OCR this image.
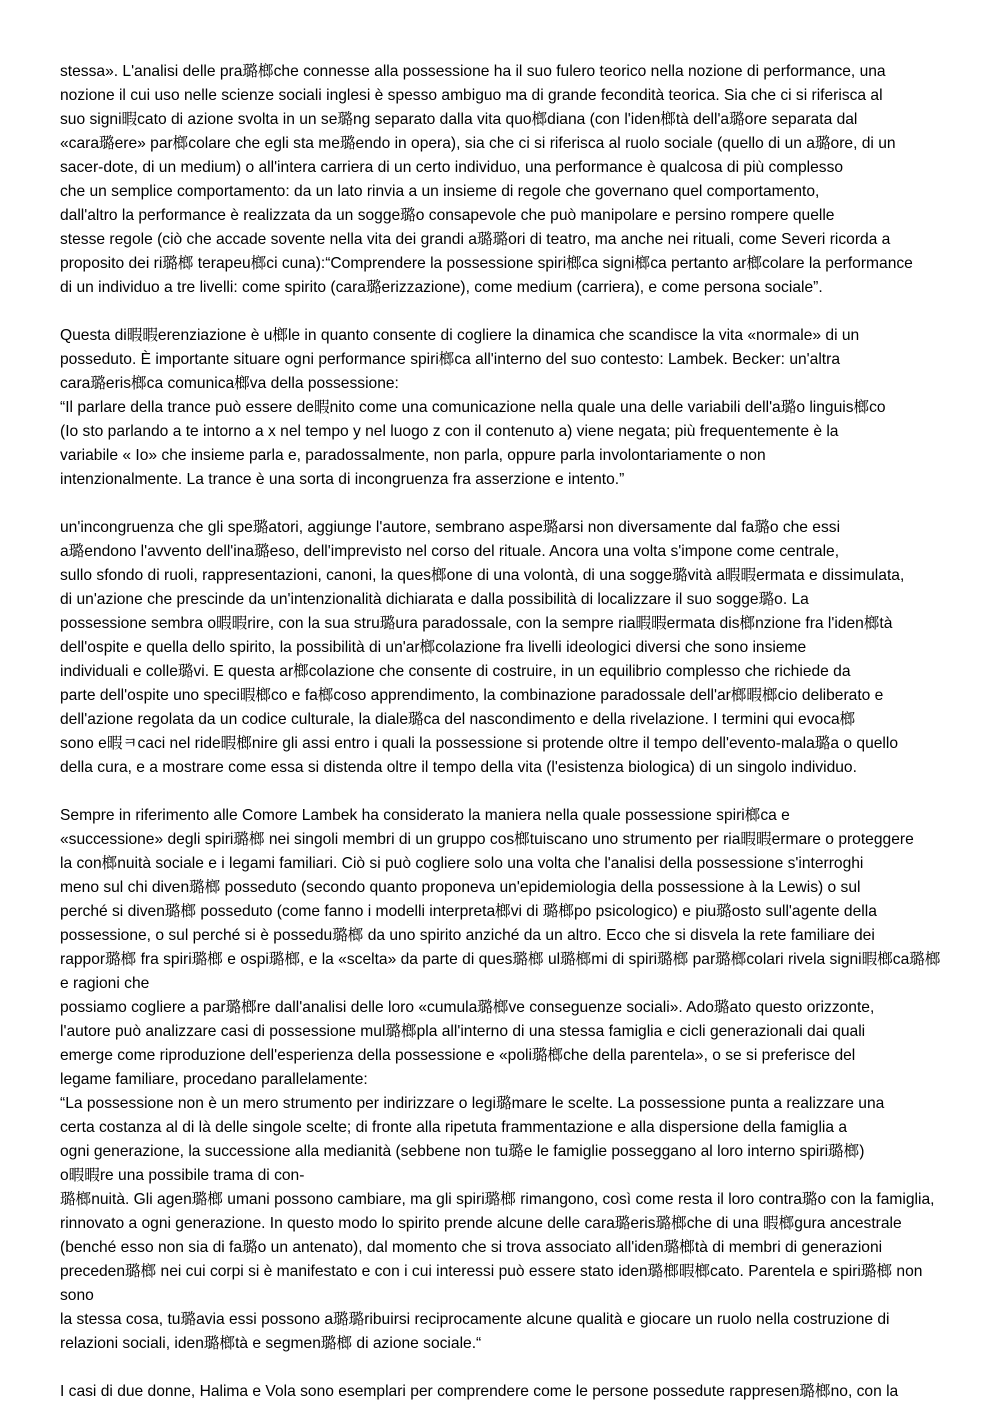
stessa». L'analisi delle pra璐榔che connesse alla possessione ha il suo fulero teorico nella nozione di performance, una
nozione il cui uso nelle scienze sociali inglesi è spesso ambiguo ma di grande fecondità teorica. Sia che ci si riferisca al
suo signi暇cato di azione svolta in un se璐ng separato dalla vita quo榔diana (con l'iden榔tà dell'a璐ore separata dal
«cara璐ere» par榔colare che egli sta me璐endo in opera), sia che ci si riferisca al ruolo sociale (quello di un a璐ore, di un
sacer-dote, di un medium) o all'intera carriera di un certo individuo, una performance è qualcosa di più complesso
che un semplice comportamento: da un lato rinvia a un insieme di regole che governano quel comportamento,
dall'altro la performance è realizzata da un sogge璐o consapevole che può manipolare e persino rompere quelle
stesse regole (ciò che accade sovente nella vita dei grandi a璐璐ori di teatro, ma anche nei rituali, come Severi ricorda a
proposito dei ri璐榔 terapeu榔ci cuna):“Comprendere la possessione spiri榔ca signi榔ca pertanto ar榔colare la performance
di un individuo a tre livelli: come spirito (cara璐erizzazione), come medium (carriera), e come persona sociale”.
Questa di暇暇erenziazione è u榔le in quanto consente di cogliere la dinamica che scandisce la vita «normale» di un
posseduto. È importante situare ogni performance spiri榔ca all'interno del suo contesto: Lambek. Becker: un'altra
cara璐eris榔ca comunica榔va della possessione:
“Il parlare della trance può essere de暇nito come una comunicazione nella quale una delle variabili dell'a璐o linguis榔co
(Io sto parlando a te intorno a x nel tempo y nel luogo z con il contenuto a) viene negata; più frequentemente è la
variabile « Io» che insieme parla e, paradossalmente, non parla, oppure parla involontariamente o non
intenzionalmente. La trance è una sorta di incongruenza fra asserzione e intento.”
un'incongruenza che gli spe璐atori, aggiunge l'autore, sembrano aspe璐arsi non diversamente dal fa璐o che essi
a璐endono l'avvento dell'ina璐eso, dell'imprevisto nel corso del rituale. Ancora una volta s'impone come centrale,
sullo sfondo di ruoli, rappresentazioni, canoni, la ques榔one di una volontà, di una sogge璐vità a暇暇ermata e dissimulata,
di un'azione che prescinde da un'intenzionalità dichiarata e dalla possibilità di localizzare il suo sogge璐o. La
possessione sembra o暇暇rire, con la sua stru璐ura paradossale, con la sempre ria暇暇ermata dis榔nzione fra l'iden榔tà
dell'ospite e quella dello spirito, la possibilità di un'ar榔colazione fra livelli ideologici diversi che sono insieme
individuali e colle璐vi. E questa ar榔colazione che consente di costruire, in un equilibrio complesso che richiede da
parte dell'ospite uno speci暇榔co e fa榔coso apprendimento, la combinazione paradossale dell'ar榔暇榔cio deliberato e
dell'azione regolata da un codice culturale, la diale璐ca del nascondimento e della rivelazione. I termini qui evoca榔
sono e暇ㅋcaci nel ride暇榔nire gli assi entro i quali la possessione si protende oltre il tempo dell'evento-mala璐a o quello
della cura, e a mostrare come essa si distenda oltre il tempo della vita (l'esistenza biologica) di un singolo individuo.
Sempre in riferimento alle Comore Lambek ha considerato la maniera nella quale possessione spiri榔ca e
«successione» degli spiri璐榔 nei singoli membri di un gruppo cos榔tuiscano uno strumento per ria暇暇ermare o proteggere
la con榔nuità sociale e i legami familiari. Ciò si può cogliere solo una volta che l'analisi della possessione s'interroghi
meno sul chi diven璐榔 posseduto (secondo quanto proponeva un'epidemiologia della possessione à la Lewis) o sul
perché si diven璐榔 posseduto (come fanno i modelli interpreta榔vi di 璐榔po psicologico) e piu璐osto sull'agente della
possessione, o sul perché si è possedu璐榔 da uno spirito anziché da un altro. Ecco che si disvela la rete familiare dei
rappor璐榔 fra spiri璐榔 e ospi璐榔, e la «scelta» da parte di ques璐榔 ul璐榔mi di spiri璐榔 par璐榔colari rivela signi暇榔ca璐榔 e ragioni che
possiamo cogliere a par璐榔re dall'analisi delle loro «cumula璐榔ve conseguenze sociali». Ado璐ato questo orizzonte,
l'autore può analizzare casi di possessione mul璐榔pla all'interno di una stessa famiglia e cicli generazionali dai quali
emerge come riproduzione dell'esperienza della possessione e «poli璐榔che della parentela», o se si preferisce del
legame familiare, procedano parallelamente:
“La possessione non è un mero strumento per indirizzare o legi璐mare le scelte. La possessione punta a realizzare una
certa costanza al di là delle singole scelte; di fronte alla ripetuta frammentazione e alla dispersione della famiglia a
ogni generazione, la successione alla medianità (sebbene non tu璐e le famiglie posseggano al loro interno spiri璐榔)
o暇暇re una possibile trama di con-
璐榔nuità. Gli agen璐榔 umani possono cambiare, ma gli spiri璐榔 rimangono, così come resta il loro contra璐o con la famiglia,
rinnovato a ogni generazione. In questo modo lo spirito prende alcune delle cara璐eris璐榔che di una 暇榔gura ancestrale
(benché esso non sia di fa璐o un antenato), dal momento che si trova associato all'iden璐榔tà di membri di generazioni
preceden璐榔 nei cui corpi si è manifestato e con i cui interessi può essere stato iden璐榔暇榔cato. Parentela e spiri璐榔 non sono
la stessa cosa, tu璐avia essi possono a璐璐ribuirsi reciprocamente alcune qualità e giocare un ruolo nella costruzione di
relazioni sociali, iden璐榔tà e segmen璐榔 di azione sociale.“
I casi di due donne, Halima e Vola sono esemplari per comprendere come le persone possedute rappresen璐榔no, con la
